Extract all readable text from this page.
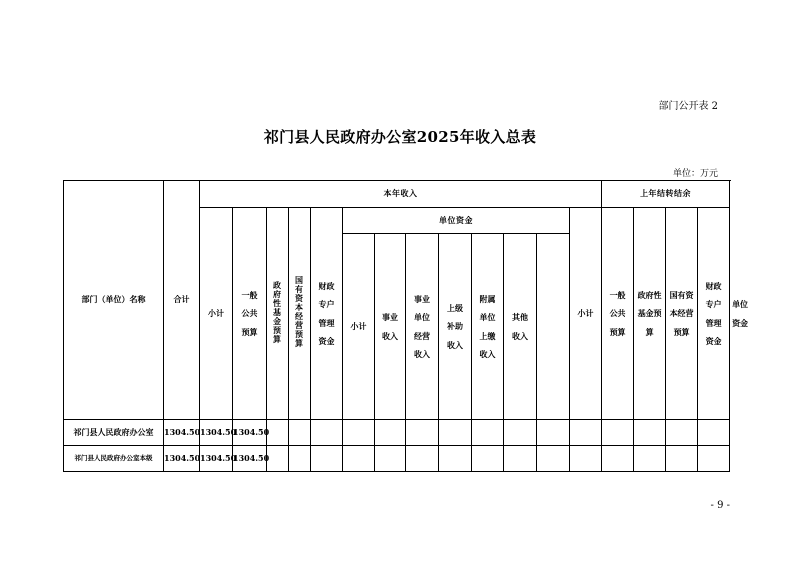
部门公开表 2
祁门县人民政府办公室2025年收入总表
单位：万元
部门（单位）名称	合计	本年收入													上年结转结余				
		小计	一般公共预算	政府性基金预算	国有资本经营预算	财政专户管理资金	单位资金							小计	一般公共预算	政府性基金预算	国有资本经营预算	财政专户管理资金	单位资金

							小计	事业收入	事业单位经营收入	上级补助收入	附属单位上缴收入	其他收入							

祁门县人民政府办公室	1304.50	1304.50	1304.50																
祁门县人民政府办公室本级	1304.50	1304.50	1304.50																
- 9 -
